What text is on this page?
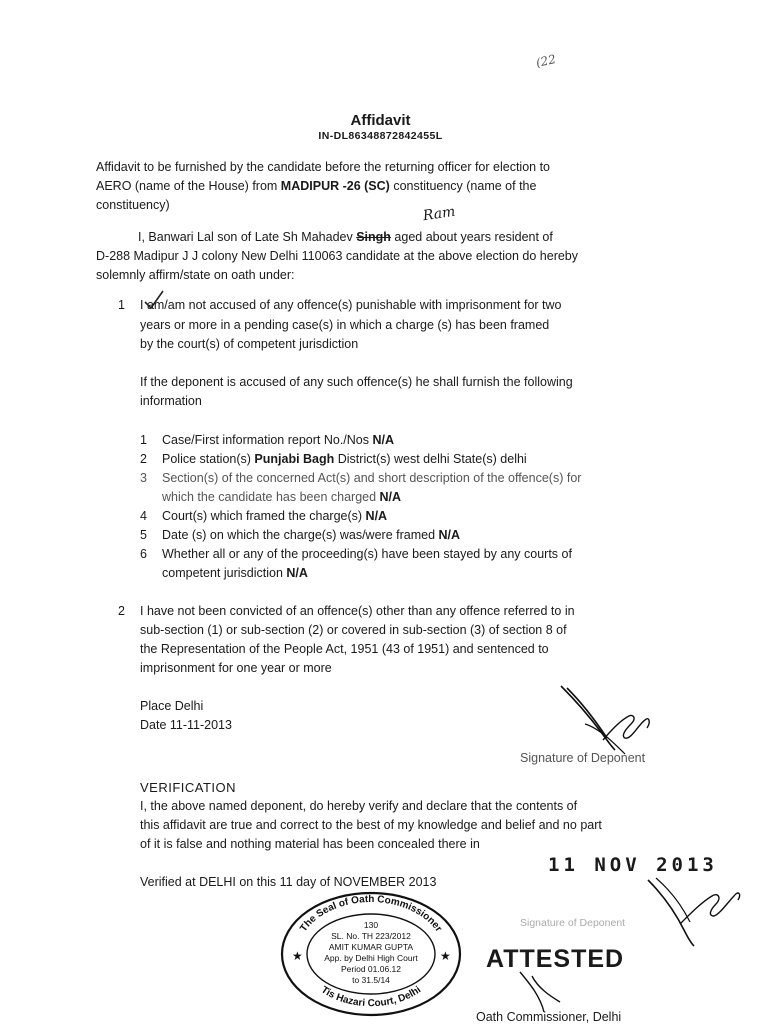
(22
Affidavit
IN-DL86348872842455L
Affidavit to be furnished by the candidate before the returning officer for election to
AERO (name of the House) from MADIPUR -26 (SC) constituency (name of the
constituency)	Ram
I, Banwari Lal son of Late Sh Mahadev Singh aged about years resident of
D-288 Madipur J J colony New Delhi 110063 candidate at the above election do hereby
solemnly affirm/state on oath under:
1 I am/am not accused of any offence(s) punishable with imprisonment for two
years or more in a pending case(s) in which a charge (s) has been framed
by the court(s) of competent jurisdiction
If the deponent is accused of any such offence(s) he shall furnish the following
information
1 Case/First information report No./Nos N/A
2 Police station(s) Punjabi Bagh District(s) west delhi State(s) delhi
3 Section(s) of the concerned Act(s) and short description of the offence(s) for
which the candidate has been charged N/A
4 Court(s) which framed the charge(s) N/A
5 Date (s) on which the charge(s) was/were framed N/A
6 Whether all or any of the proceeding(s) have been stayed by any courts of
competent jurisdiction N/A
2 I have not been convicted of an offence(s) other than any offence referred to in
sub-section (1) or sub-section (2) or covered in sub-section (3) of section 8 of
the Representation of the People Act, 1951 (43 of 1951) and sentenced to
imprisonment for one year or more
Place Delhi
Date 11-11-2013
Signature of Deponent
VERIFICATION
I, the above named deponent, do hereby verify and declare that the contents of
this affidavit are true and correct to the best of my knowledge and belief and no part
of it is false and nothing material has been concealed there in
11 NOV 2013
Verified at DELHI on this 11 day of NOVEMBER 2013
Signature of Deponent
The Seal of Oath Commissioner
Tis Hazari Court, Delhi
★	★
130
SL. No. TH 223/2012
AMIT KUMAR GUPTA
App. by Delhi High Court
Period 01.06.12
to 31.5/14
ATTESTED
Oath Commissioner, Delhi
